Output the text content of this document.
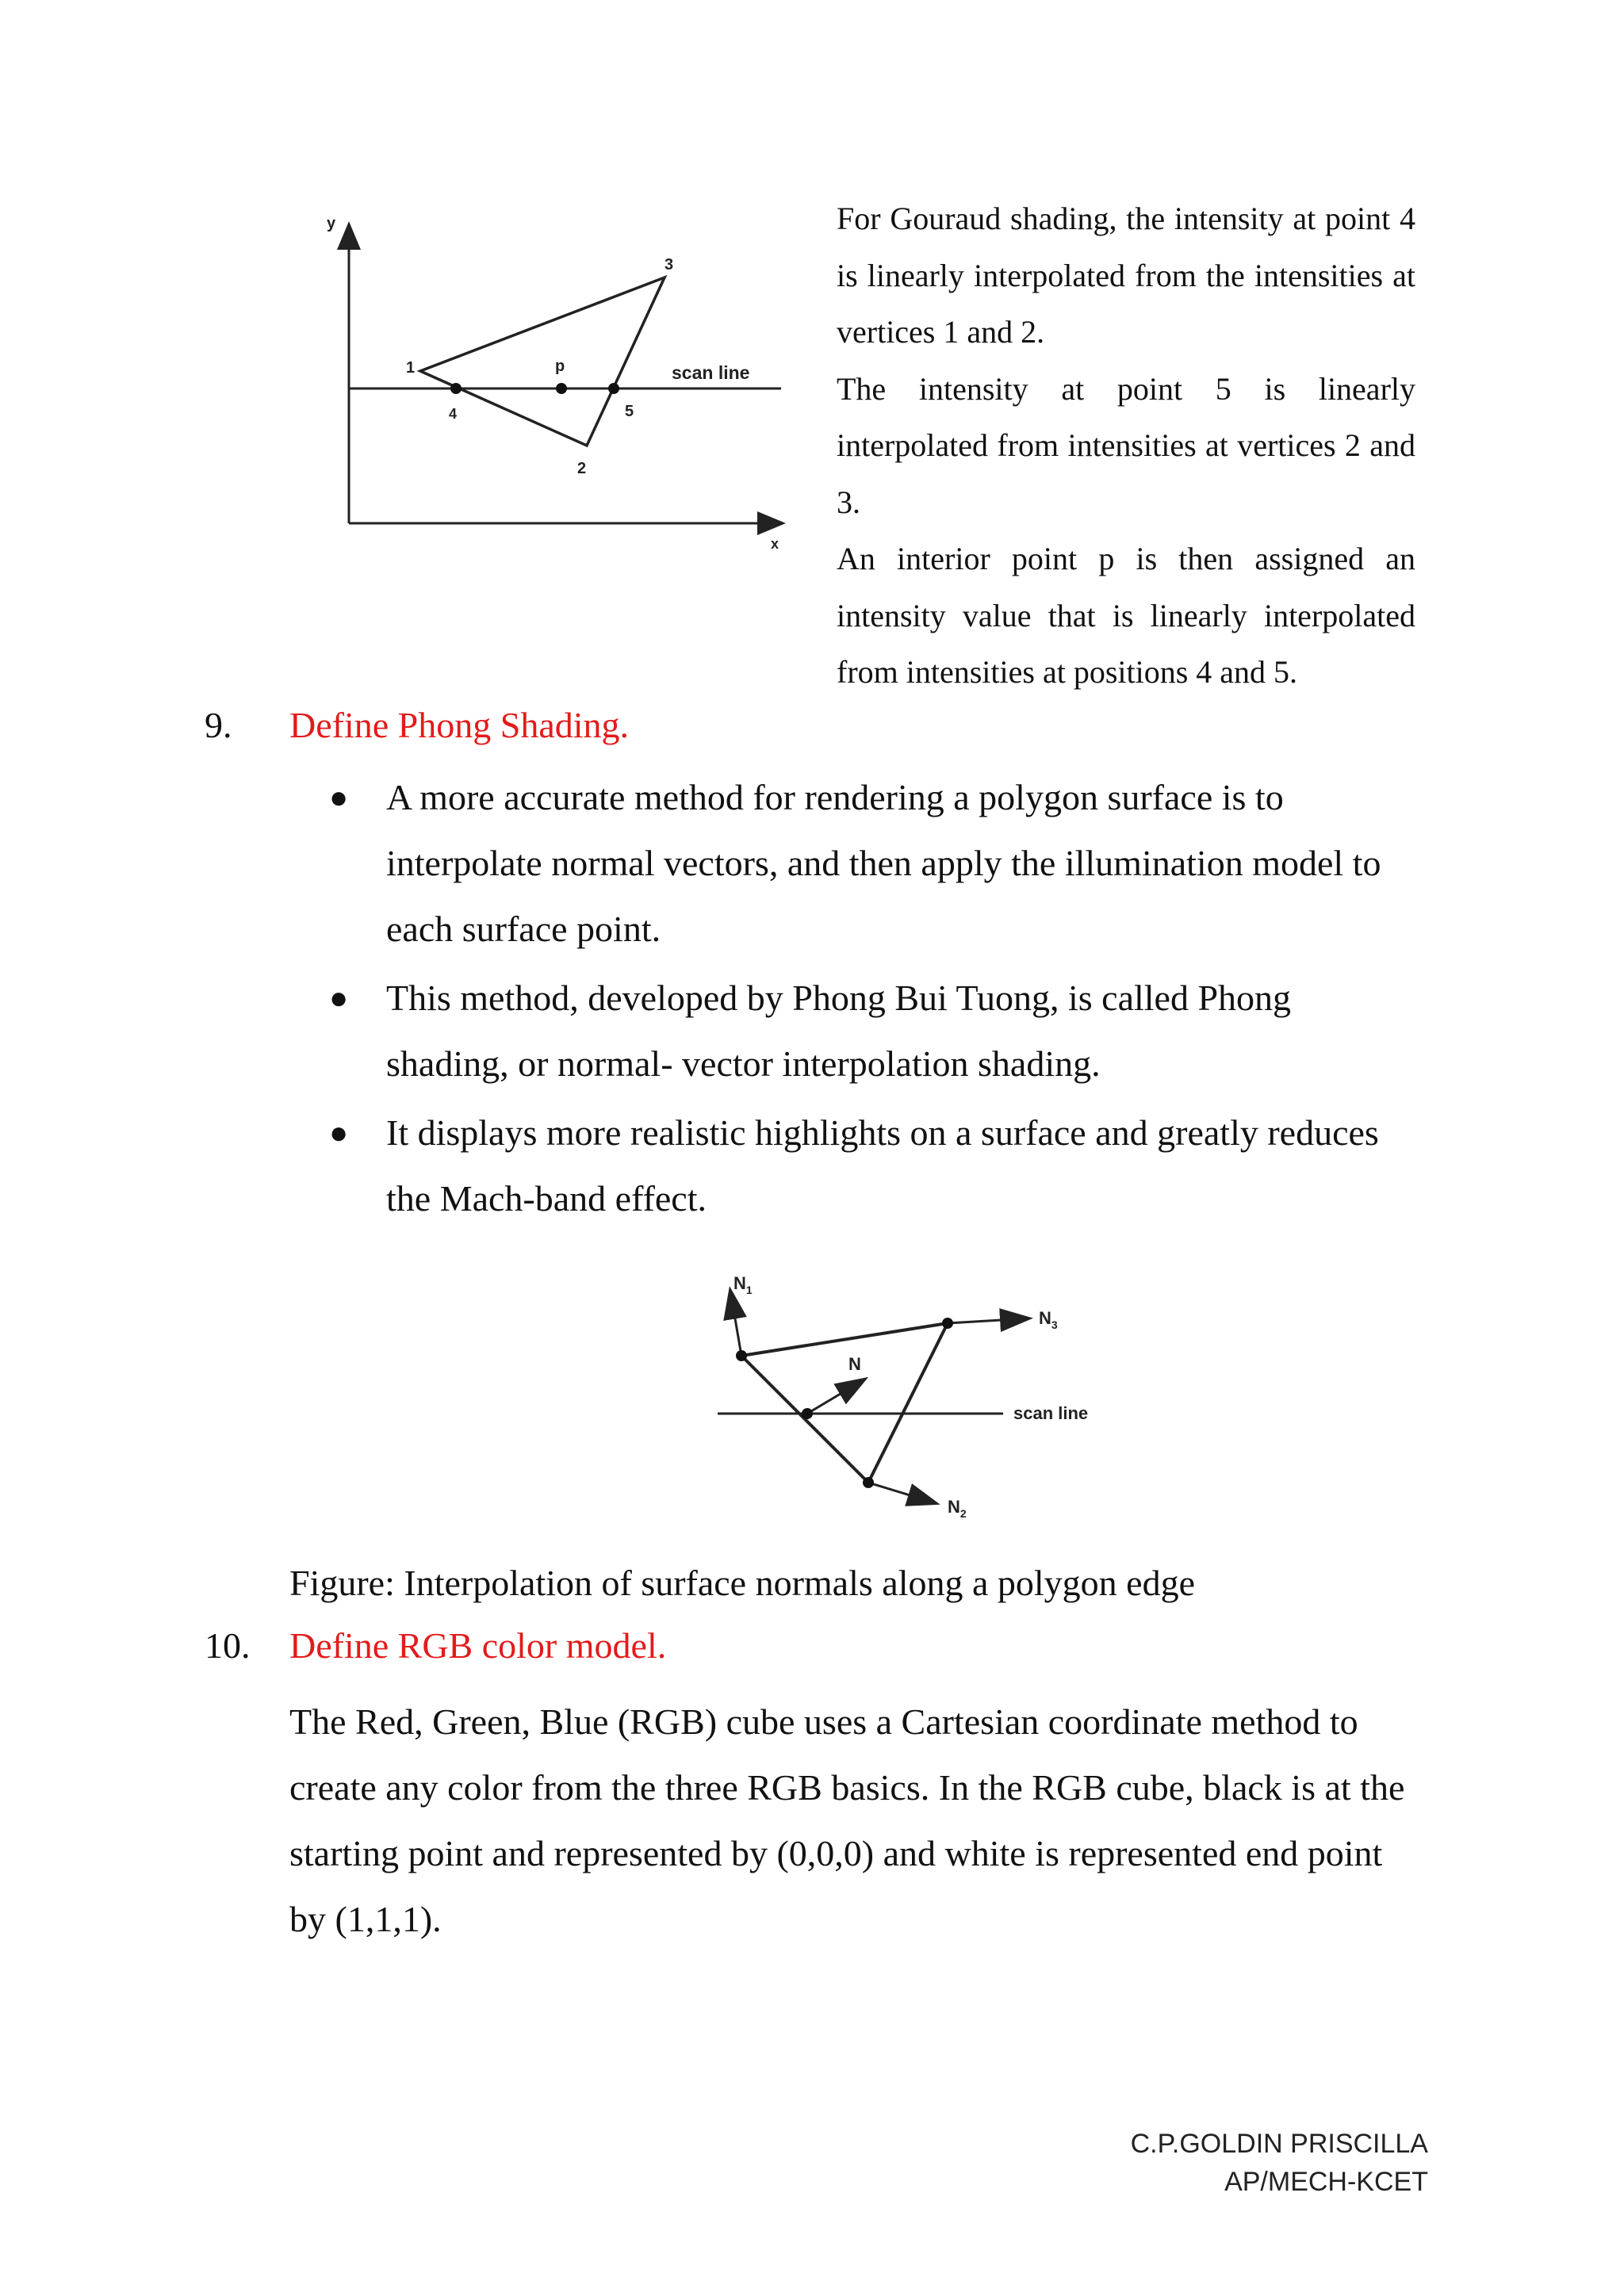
y
x
1
2
3
4	5
p	scan line

For Gouraud shading, the intensity at point 4 is linearly interpolated from the intensities at vertices 1 and 2.

The intensity at point 5 is linearly interpolated from intensities at vertices 2 and 3.

An interior point p is then assigned an intensity value that is linearly interpolated from intensities at positions 4 and 5.

9. Define Phong Shading.
●	A more accurate method for rendering a polygon surface is to interpolate normal vectors, and then apply the illumination model to each surface point.
●	This method, developed by Phong Bui Tuong, is called Phong shading, or normal- vector interpolation shading.
●	It displays more realistic highlights on a surface and greatly reduces the Mach-band effect.
$N_1$
$N_3$
$N_2$
N
scan line
Figure: Interpolation of surface normals along a polygon edge
10. Define RGB color model.
The Red, Green, Blue (RGB) cube uses a Cartesian coordinate method to create any color from the three RGB basics. In the RGB cube, black is at the starting point and represented by (0,0,0) and white is represented end point by (1,1,1).
C.P.GOLDIN PRISCILLA
AP/MECH-KCET
